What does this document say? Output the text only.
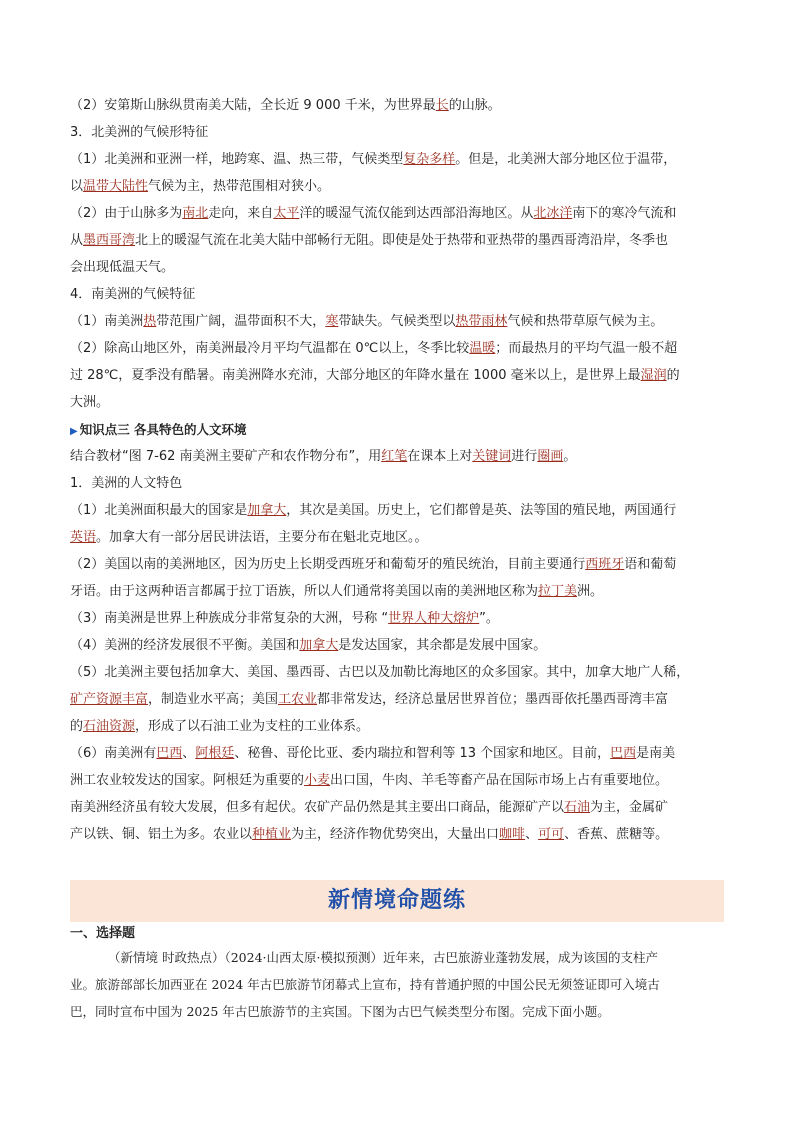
（2）安第斯山脉纵贯南美大陆，全长近 9 000 千米，为世界最长的山脉。
3．北美洲的气候形特征
（1）北美洲和亚洲一样，地跨寒、温、热三带，气候类型复杂多样。但是，北美洲大部分地区位于温带，
以温带大陆性气候为主，热带范围相对狭小。
（2）由于山脉多为南北走向，来自太平洋的暖湿气流仅能到达西部沿海地区。从北冰洋南下的寒冷气流和
从墨西哥湾北上的暖湿气流在北美大陆中部畅行无阻。即使是处于热带和亚热带的墨西哥湾沿岸，冬季也
会出现低温天气。
4．南美洲的气候特征
（1）南美洲热带范围广阔，温带面积不大，寒带缺失。气候类型以热带雨林气候和热带草原气候为主。
（2）除高山地区外，南美洲最冷月平均气温都在 0℃以上，冬季比较温暖；而最热月的平均气温一般不超
过 28℃，夏季没有酷暑。南美洲降水充沛，大部分地区的年降水量在 1000 毫米以上，是世界上最湿润的
大洲。
▶ 知识点三 各具特色的人文环境
结合教材“图 7-62 南美洲主要矿产和农作物分布”，用红笔在课本上对关键词进行圈画。
1．美洲的人文特色
（1）北美洲面积最大的国家是加拿大，其次是美国。历史上，它们都曾是英、法等国的殖民地，两国通行
英语。加拿大有一部分居民讲法语，主要分布在魁北克地区。。
（2）美国以南的美洲地区，因为历史上长期受西班牙和葡萄牙的殖民统治，目前主要通行西班牙语和葡萄
牙语。由于这两种语言都属于拉丁语族，所以人们通常将美国以南的美洲地区称为拉丁美洲。
（3）南美洲是世界上种族成分非常复杂的大洲，号称 “世界人种大熔炉”。
（4）美洲的经济发展很不平衡。美国和加拿大是发达国家，其余都是发展中国家。
（5）北美洲主要包括加拿大、美国、墨西哥、古巴以及加勒比海地区的众多国家。其中，加拿大地广人稀，
矿产资源丰富，制造业水平高；美国工农业都非常发达，经济总量居世界首位；墨西哥依托墨西哥湾丰富
的石油资源，形成了以石油工业为支柱的工业体系。
（6）南美洲有巴西、阿根廷、秘鲁、哥伦比亚、委内瑞拉和智利等 13 个国家和地区。目前，巴西是南美
洲工农业较发达的国家。阿根廷为重要的小麦出口国，牛肉、羊毛等畜产品在国际市场上占有重要地位。
南美洲经济虽有较大发展，但多有起伏。农矿产品仍然是其主要出口商品，能源矿产以石油为主，金属矿
产以铁、铜、铝土为多。农业以种植业为主，经济作物优势突出，大量出口咖啡、可可、香蕉、蔗糖等。
新情境命题练
一、选择题
（新情境 时政热点）（2024·山西太原·模拟预测）近年来，古巴旅游业蓬勃发展，成为该国的支柱产
业。旅游部部长加西亚在 2024 年古巴旅游节闭幕式上宣布，持有普通护照的中国公民无须签证即可入境古
巴，同时宣布中国为 2025 年古巴旅游节的主宾国。下图为古巴气候类型分布图。完成下面小题。
